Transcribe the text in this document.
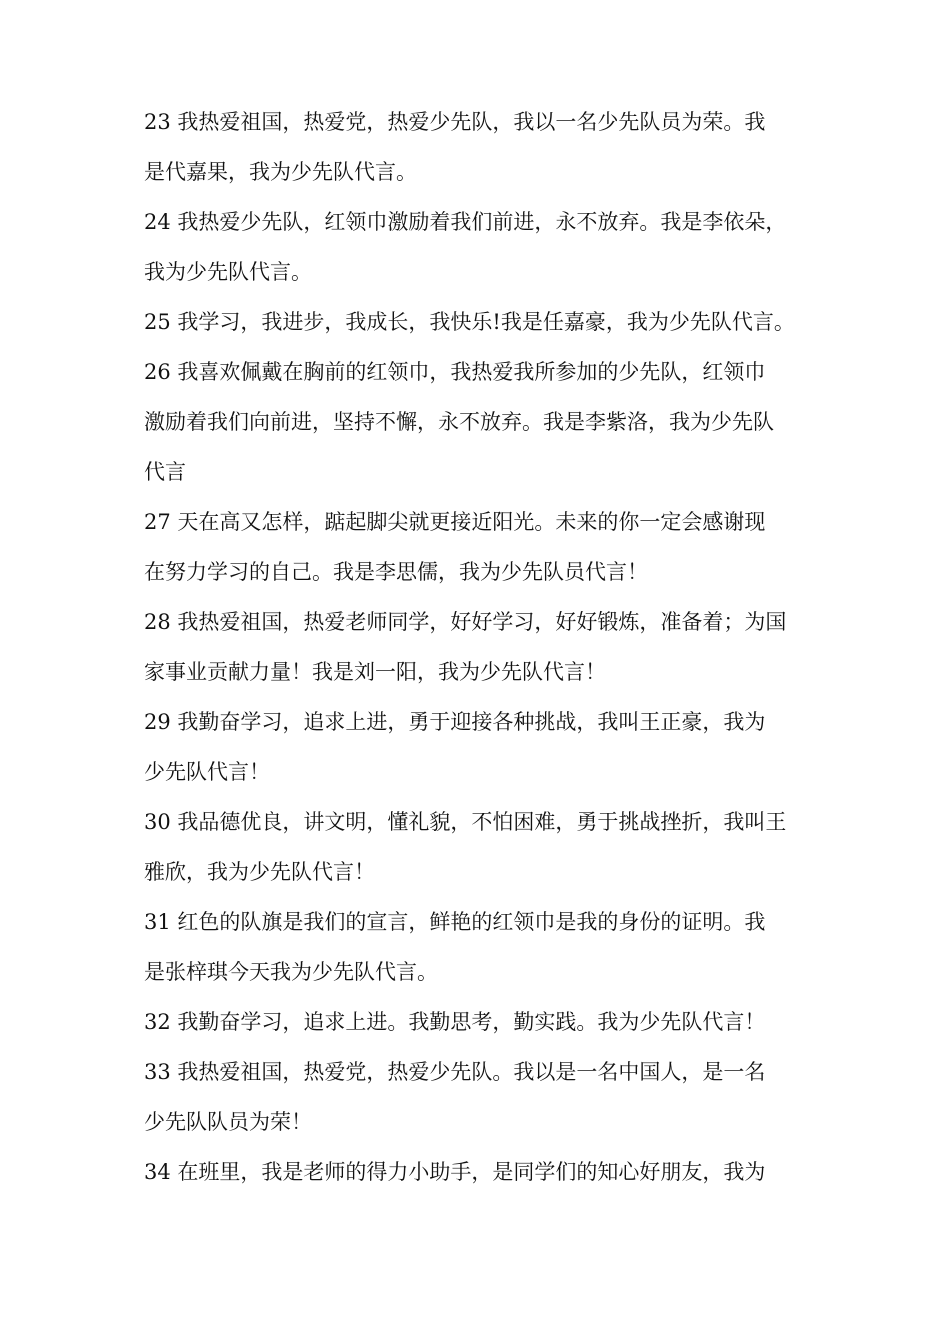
23 我热爱祖国，热爱党，热爱少先队，我以一名少先队员为荣。我
是代嘉果，我为少先队代言。

24 我热爱少先队，红领巾激励着我们前进，永不放弃。我是李依朵，
我为少先队代言。

25 我学习，我进步，我成长，我快乐!我是任嘉豪，我为少先队代言。

26 我喜欢佩戴在胸前的红领巾，我热爱我所参加的少先队，红领巾
激励着我们向前进，坚持不懈，永不放弃。我是李紫洛，我为少先队
代言

27 天在高又怎样，踮起脚尖就更接近阳光。未来的你一定会感谢现
在努力学习的自己。我是李思儒，我为少先队员代言！

28 我热爱祖国，热爱老师同学，好好学习，好好锻炼，准备着；为国
家事业贡献力量！我是刘一阳，我为少先队代言！

29 我勤奋学习，追求上进，勇于迎接各种挑战，我叫王正豪，我为
少先队代言！

30 我品德优良，讲文明，懂礼貌，不怕困难，勇于挑战挫折，我叫王
雅欣，我为少先队代言！

31 红色的队旗是我们的宣言，鲜艳的红领巾是我的身份的证明。我
是张梓琪今天我为少先队代言。

32 我勤奋学习，追求上进。我勤思考，勤实践。我为少先队代言！

33 我热爱祖国，热爱党，热爱少先队。我以是一名中国人，是一名
少先队队员为荣！

34 在班里，我是老师的得力小助手，是同学们的知心好朋友，我为
